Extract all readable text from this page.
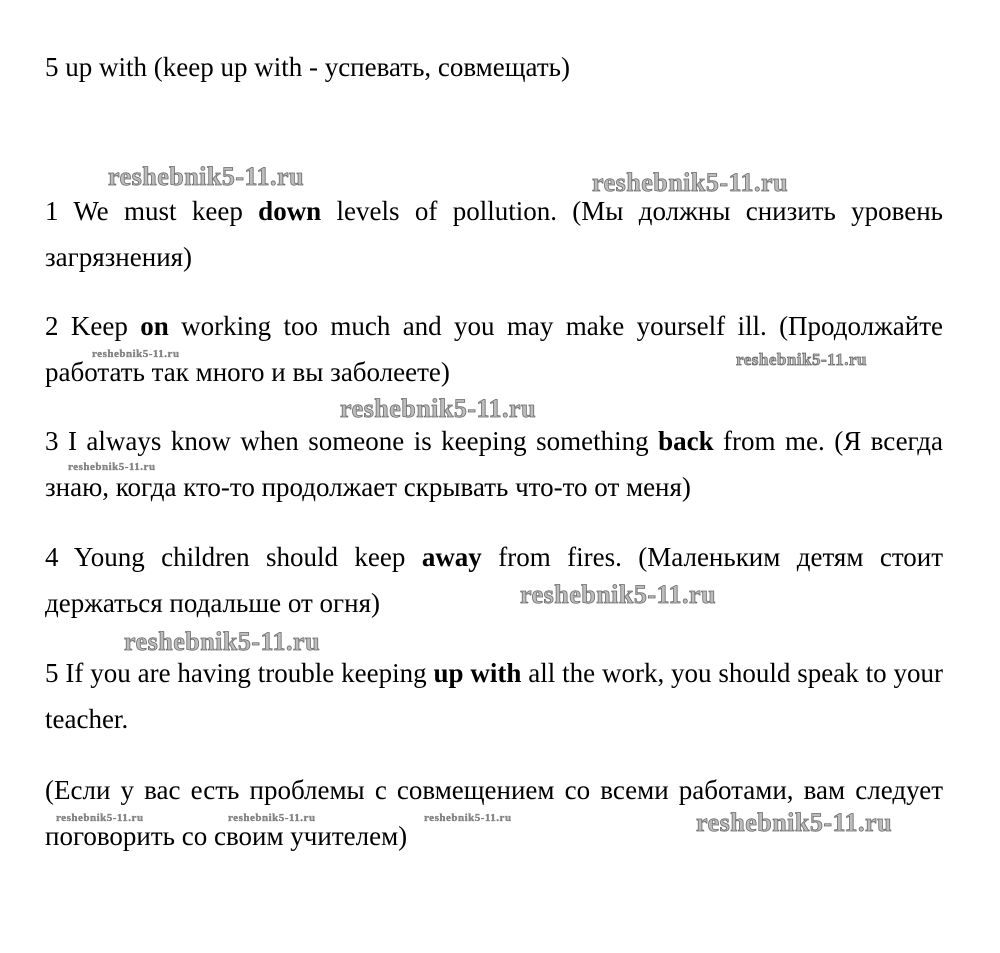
5 up with (keep up with - успевать, совмещать)
1 We must keep down levels of pollution. (Мы должны снизить уровень загрязнения)
2 Keep on working too much and you may make yourself ill. (Продолжайте работать так много и вы заболеете)
3 I always know when someone is keeping something back from me. (Я всегда знаю, когда кто-то продолжает скрывать что-то от меня)
4 Young children should keep away from fires. (Маленьким детям стоит держаться подальше от огня)
5 If you are having trouble keeping up with all the work, you should speak to your teacher.
(Если у вас есть проблемы с совмещением со всеми работами, вам следует поговорить со своим учителем)
reshebnik5-11.ru	reshebnik5-11.ru
reshebnik5-11.ru	reshebnik5-11.ru
reshebnik5-11.ru
reshebnik5-11.ru
reshebnik5-11.ru
reshebnik5-11.ru
reshebnik5-11.ru	reshebnik5-11.ru	reshebnik5-11.ru	reshebnik5-11.ru
